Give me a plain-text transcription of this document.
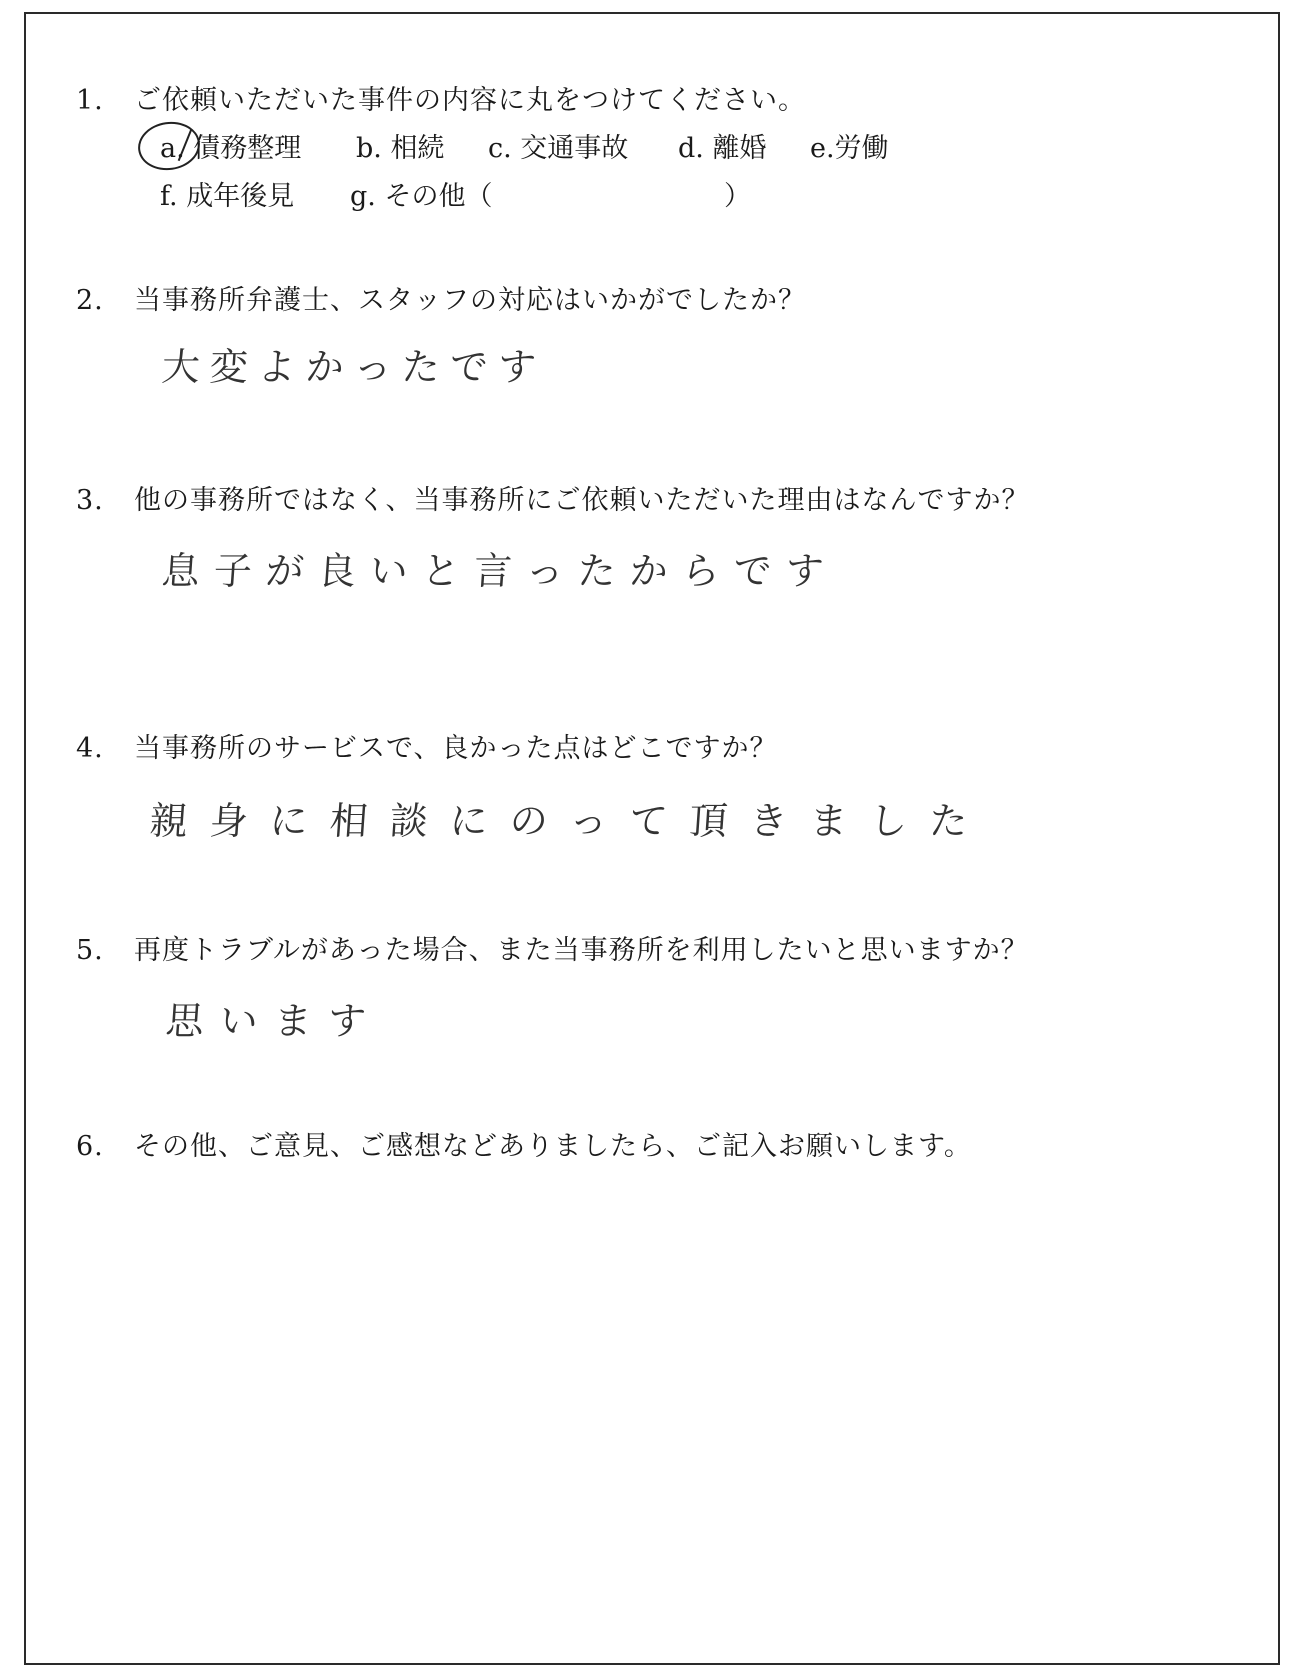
1. ご依頼いただいた事件の内容に丸をつけてください。
a. 債務整理 b. 相続 c. 交通事故 d. 離婚 e.労働
f. 成年後見 g. その他（	）
2. 当事務所弁護士、スタッフの対応はいかがでしたか？
大変よかったです
3. 他の事務所ではなく、当事務所にご依頼いただいた理由はなんですか？
息子が良いと言ったからです
4. 当事務所のサービスで、良かった点はどこですか？
親身に相談にのって頂きました
5. 再度トラブルがあった場合、また当事務所を利用したいと思いますか？
思います
6. その他、ご意見、ご感想などありましたら、ご記入お願いします。
